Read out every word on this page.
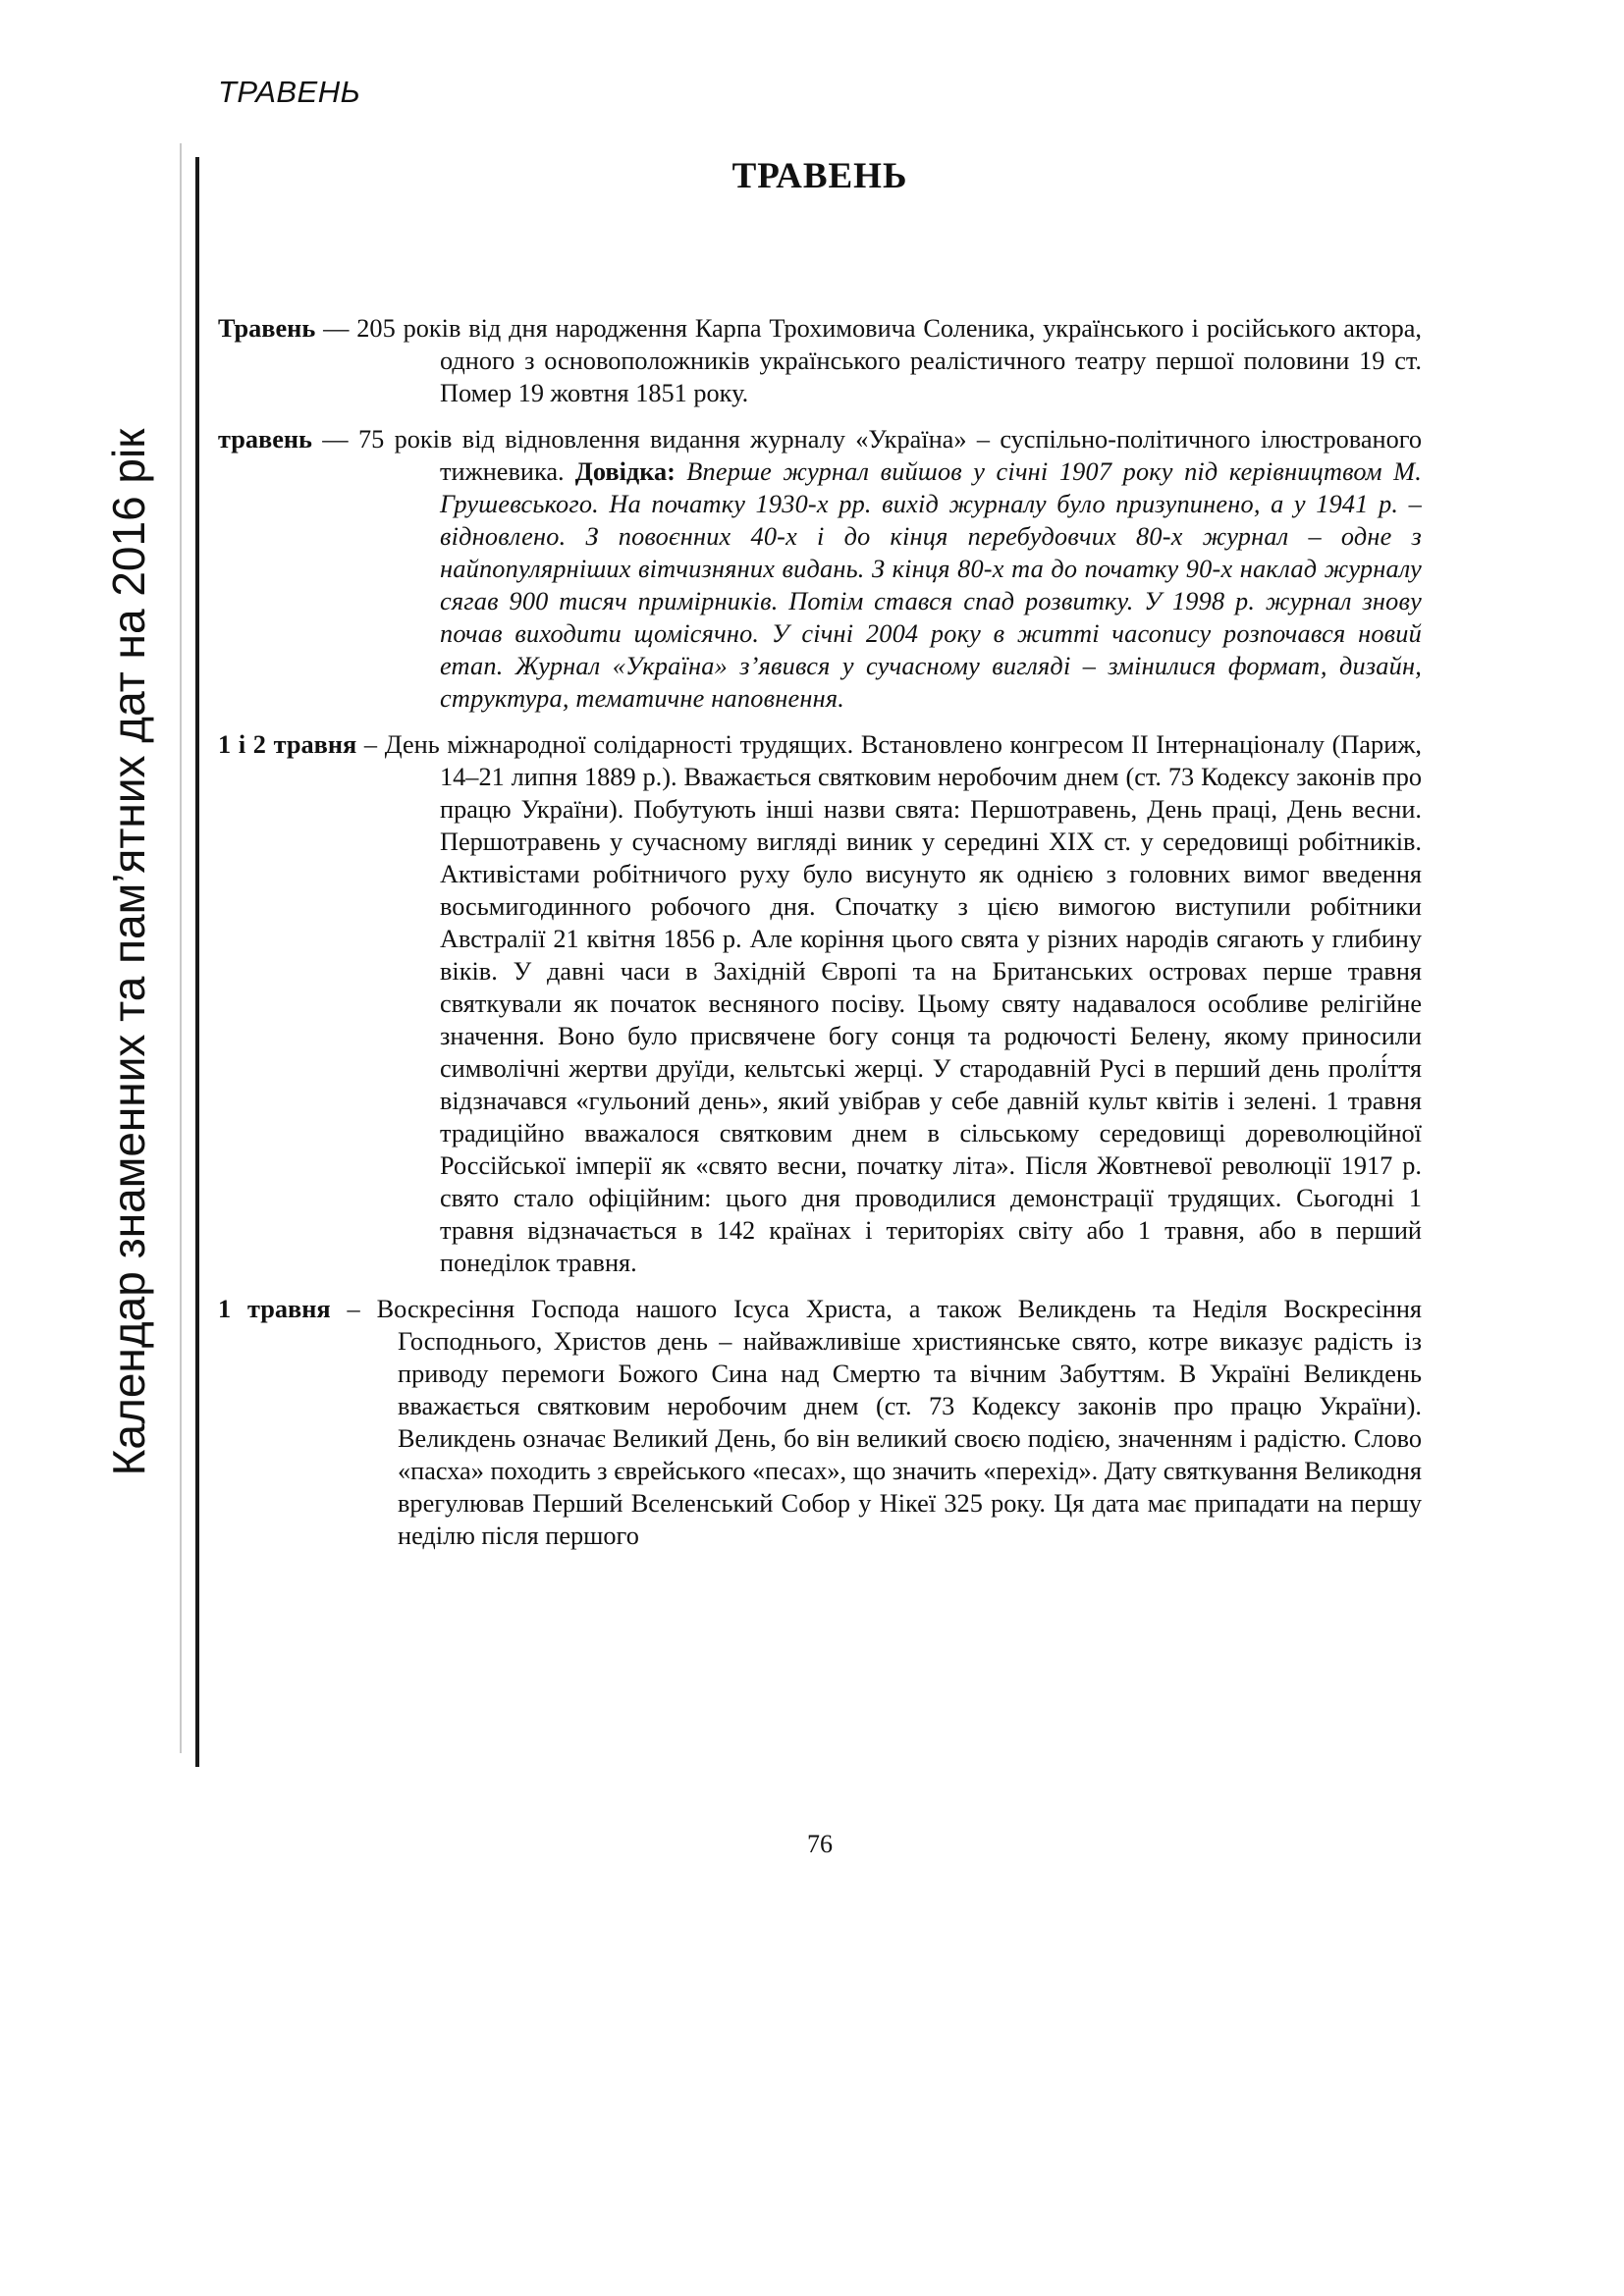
ТРАВЕНЬ
Календар знаменних та пам’ятних дат на 2016 рік
ТРАВЕНЬ

Травень — 205 років від дня народження Карпа Трохимовича Соленика, українського і російського актора, одного з основоположників українського реалістичного театру першої половини 19 ст. Помер 19 жовтня 1851 року.

травень — 75 років від відновлення видання журналу «Україна» – суспільно-політичного ілюстрованого тижневика. Довідка: Вперше журнал вийшов у січні 1907 року під керівництвом М. Грушевського. На початку 1930-х рр. вихід журналу було призупинено, а у 1941 р. – відновлено. З повоєнних 40-х і до кінця перебудовчих 80-х журнал – одне з найпопулярніших вітчизняних видань. З кінця 80-х та до початку 90-х наклад журналу сягав 900 тисяч примірників. Потім стався спад розвитку. У 1998 р. журнал знову почав виходити щомісячно. У січні 2004 року в житті часопису розпочався новий етап. Журнал «Україна» з’явився у сучасному вигляді – змінилися формат, дизайн, структура, тематичне наповнення.

1 і 2 травня – День міжнародної солідарності трудящих. Встановлено конгресом II Інтернаціоналу (Париж, 14–21 липня 1889 р.). Вважається святковим неробочим днем (ст. 73 Кодексу законів про працю України). Побутують інші назви свята: Першотравень, День праці, День весни. Першотравень у сучасному вигляді виник у середині XIX ст. у середовищі робітників. Активістами робітничого руху було висунуто як однією з головних вимог введення восьмигодинного робочого дня. Спочатку з цією вимогою виступили робітники Австралії 21 квітня 1856 р. Але коріння цього свята у різних народів сягають у глибину віків. У давні часи в Західній Європі та на Британських островах перше травня святкували як початок весняного посіву. Цьому святу надавалося особливе релігійне значення. Воно було присвячене богу сонця та родючості Белену, якому приносили символічні жертви друїди, кельтські жерці. У стародавній Русі в перший день пролі́ття відзначався «гульоний день», який увібрав у себе давній культ квітів і зелені. 1 травня традиційно вважалося святковим днем в сільському середовищі дореволюційної Россійської імперії як «свято весни, початку літа». Після Жовтневої революції 1917 р. свято стало офіційним: цього дня проводилися демонстрації трудящих. Сьогодні 1 травня відзначається в 142 країнах і територіях світу або 1 травня, або в перший понеділок травня.

1 травня – Воскресіння Господа нашого Ісуса Христа, а також Великдень та Неділя Воскресіння Господнього, Христов день – найважливіше християнське свято, котре виказує радість із приводу перемоги Божого Сина над Смертю та вічним Забуттям. В Україні Великдень вважається святковим неробочим днем (ст. 73 Кодексу законів про працю України). Великдень означає Великий День, бо він великий своєю подією, значенням і радістю. Слово «пасха» походить з єврейського «песах», що значить «перехід». Дату святкування Великодня врегулював Перший Вселенський Собор у Нікеї 325 року. Ця дата має припадати на першу неділю після першого

76
